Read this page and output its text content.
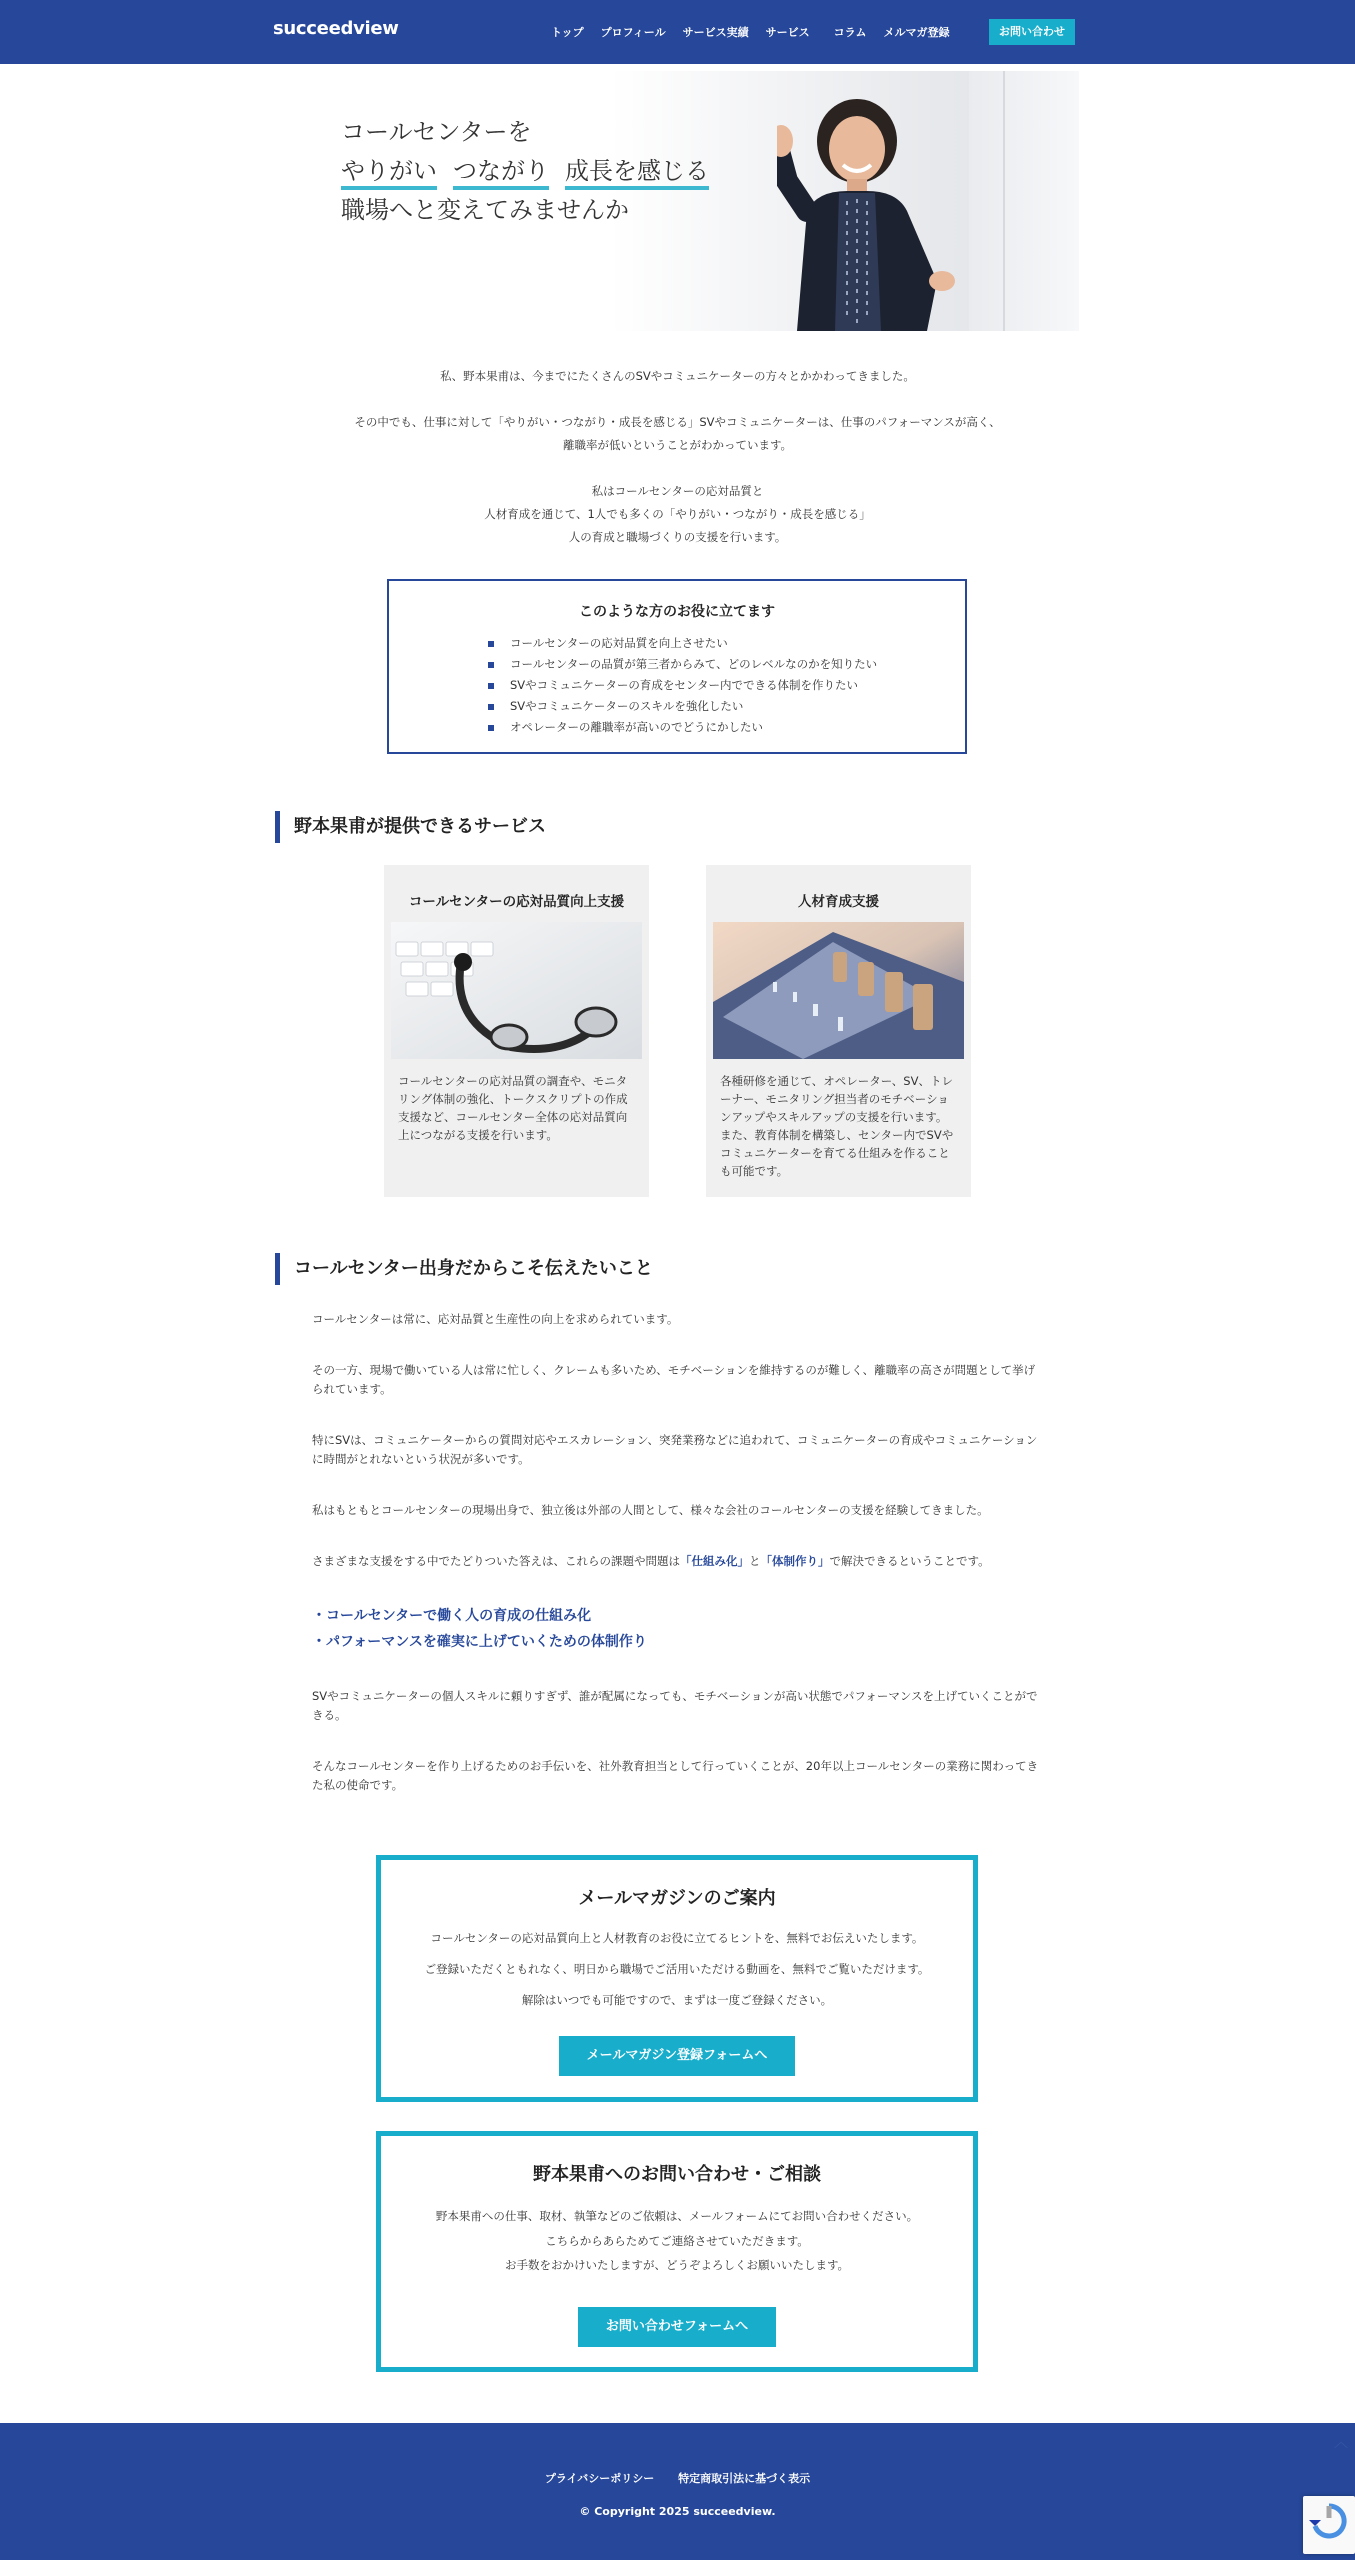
succeedview	トップ プロフィール サービス実績 サービス コラム メルマガ登録	お問い合わせ
コールセンターを
やりがい つながり 成長を感じる
職場へと変えてみませんか

私、野本果甫は、今までにたくさんのSVやコミュニケーターの方々とかかわってきました。

その中でも、仕事に対して「やりがい・つながり・成長を感じる」SVやコミュニケーターは、仕事のパフォーマンスが高く、
離職率が低いということがわかっています。

私はコールセンターの応対品質と
人材育成を通じて、1人でも多くの「やりがい・つながり・成長を感じる」
人の育成と職場づくりの支援を行います。

このような方のお役に立てます
コールセンターの応対品質を向上させたい
コールセンターの品質が第三者からみて、どのレベルなのかを知りたい
SVやコミュニケーターの育成をセンター内でできる体制を作りたい
SVやコミュニケーターのスキルを強化したい
オペレーターの離職率が高いのでどうにかしたい
野本果甫が提供できるサービス
コールセンターの応対品質向上支援
コールセンターの応対品質の調査や、モニタ
リング体制の強化、トークスクリプトの作成
支援など、コールセンター全体の応対品質向
上につながる支援を行います。
人材育成支援
各種研修を通じて、オペレーター、SV、トレ
ーナー、モニタリング担当者のモチベーショ
ンアップやスキルアップの支援を行います。
また、教育体制を構築し、センター内でSVや
コミュニケーターを育てる仕組みを作ること
も可能です。
コールセンター出身だからこそ伝えたいこと

コールセンターは常に、応対品質と生産性の向上を求められています。

その一方、現場で働いている人は常に忙しく、クレームも多いため、モチベーションを維持するのが難しく、離職率の高さが問題として挙げ
られています。

特にSVは、コミュニケーターからの質問対応やエスカレーション、突発業務などに追われて、コミュニケーターの育成やコミュニケーション
に時間がとれないという状況が多いです。

私はもともとコールセンターの現場出身で、独立後は外部の人間として、様々な会社のコールセンターの支援を経験してきました。

さまざまな支援をする中でたどりついた答えは、これらの課題や問題は「仕組み化」と「体制作り」で解決できるということです。

・コールセンターで働く人の育成の仕組み化
・パフォーマンスを確実に上げていくための体制作り

SVやコミュニケーターの個人スキルに頼りすぎず、誰が配属になっても、モチベーションが高い状態でパフォーマンスを上げていくことがで
きる。

そんなコールセンターを作り上げるためのお手伝いを、社外教育担当として行っていくことが、20年以上コールセンターの業務に関わってき
た私の使命です。

メールマガジンのご案内
コールセンターの応対品質向上と人材教育のお役に立てるヒントを、無料でお伝えいたします。
ご登録いただくともれなく、明日から職場でご活用いただける動画を、無料でご覧いただけます。
解除はいつでも可能ですので、まずは一度ご登録ください。
メールマガジン登録フォームへ
野本果甫へのお問い合わせ・ご相談
野本果甫への仕事、取材、執筆などのご依頼は、メールフォームにてお問い合わせください。
こちらからあらためてご連絡させていただきます。
お手数をおかけいたしますが、どうぞよろしくお願いいたします。
お問い合わせフォームへ
プライバシーポリシー 特定商取引法に基づく表示
© Copyright 2025 succeedview.
︿
